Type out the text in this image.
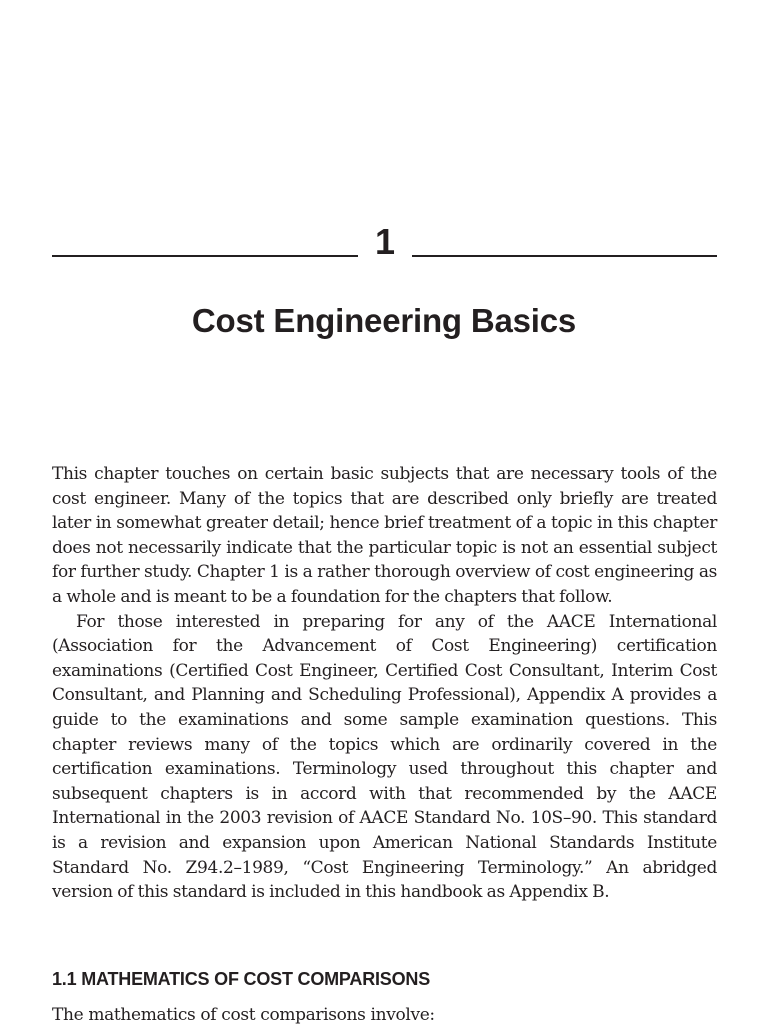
1
Cost Engineering Basics

This chapter touches on certain basic subjects that are necessary tools of the cost engineer. Many of the topics that are described only briefly are treated later in somewhat greater detail; hence brief treatment of a topic in this chapter does not necessarily indicate that the particular topic is not an essential subject for further study. Chapter 1 is a rather thorough overview of cost engineering as a whole and is meant to be a foundation for the chapters that follow.

For those interested in preparing for any of the AACE International (Association for the Advancement of Cost Engineering) certification examinations (Certified Cost Engineer, Certified Cost Consultant, Interim Cost Consultant, and Planning and Scheduling Professional), Appendix A provides a guide to the examinations and some sample examination questions. This chapter reviews many of the topics which are ordinarily covered in the certification examinations. Terminology used throughout this chapter and subsequent chapters is in accord with that recommended by the AACE International in the 2003 revision of AACE Standard No. 10S–90. This standard is a revision and expansion upon American National Standards Institute Standard No. Z94.2–1989, “Cost Engineering Terminology.” An abridged version of this standard is included in this handbook as Appendix B.

1.1 MATHEMATICS OF COST COMPARISONS

The mathematics of cost comparisons involve:
